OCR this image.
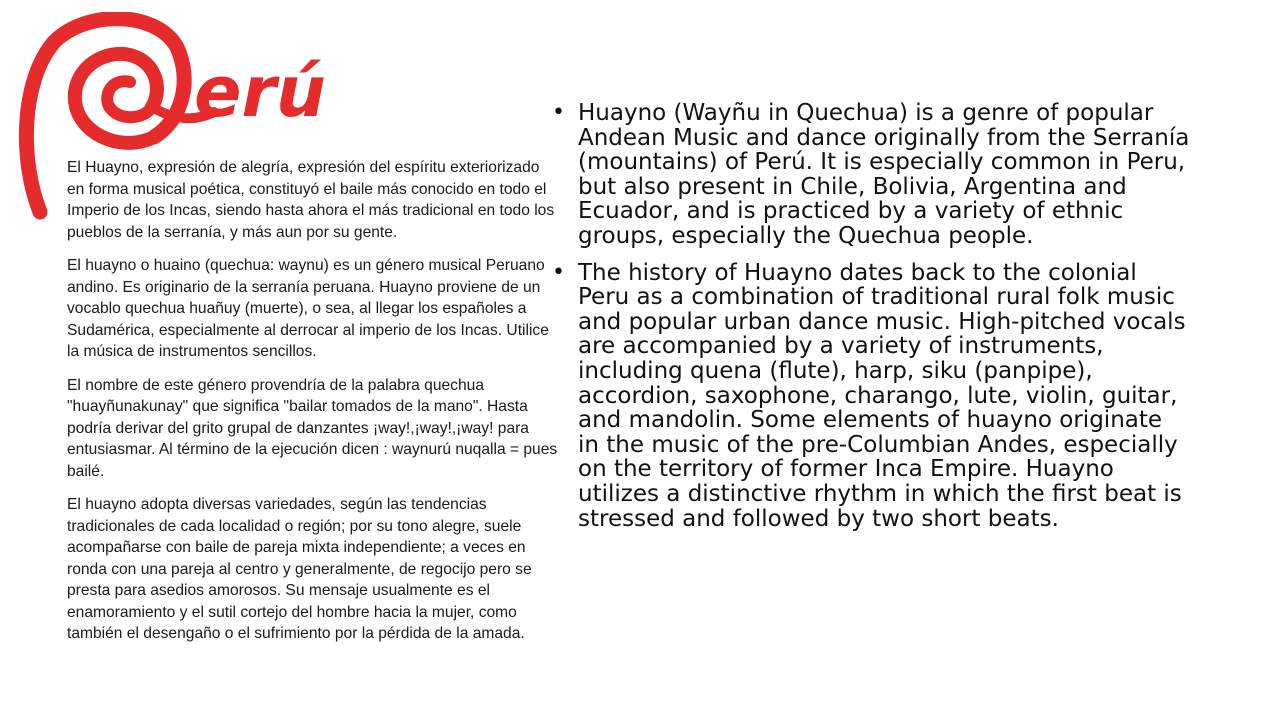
erú

El Huayno, expresión de alegría, expresión del espíritu exteriorizado en forma musical poética, constituyó el baile más conocido en todo el Imperio de los Incas, siendo hasta ahora el más tradicional en todo los pueblos de la serranía, y más aun por su gente.

El huayno o huaino (quechua: waynu) es un género musical Peruano andino. Es originario de la serranía peruana. Huayno proviene de un vocablo quechua huañuy (muerte), o sea, al llegar los españoles a Sudamérica, especialmente al derrocar al imperio de los Incas. Utilice la música de instrumentos sencillos.

El nombre de este género provendría de la palabra quechua "huayñunakunay" que significa "bailar tomados de la mano". Hasta podría derivar del grito grupal de danzantes ¡way!,¡way!,¡way! para entusiasmar. Al término de la ejecución dicen : waynurú nuqalla = pues bailé.

El huayno adopta diversas variedades, según las tendencias tradicionales de cada localidad o región; por su tono alegre, suele acompañarse con baile de pareja mixta independiente; a veces en ronda con una pareja al centro y generalmente, de regocijo pero se presta para asedios amorosos. Su mensaje usualmente es el enamoramiento y el sutil cortejo del hombre hacia la mujer, como también el desengaño o el sufrimiento por la pérdida de la amada.

• Huayno (Wayñu in Quechua) is a genre of popular Andean Music and dance originally from the Serranía (mountains) of Perú. It is especially common in Peru, but also present in Chile, Bolivia, Argentina and Ecuador, and is practiced by a variety of ethnic groups, especially the Quechua people.
• The history of Huayno dates back to the colonial Peru as a combination of traditional rural folk music and popular urban dance music. High-pitched vocals are accompanied by a variety of instruments, including quena (flute), harp, siku (panpipe), accordion, saxophone, charango, lute, violin, guitar, and mandolin. Some elements of huayno originate in the music of the pre-Columbian Andes, especially on the territory of former Inca Empire. Huayno utilizes a distinctive rhythm in which the first beat is stressed and followed by two short beats.
